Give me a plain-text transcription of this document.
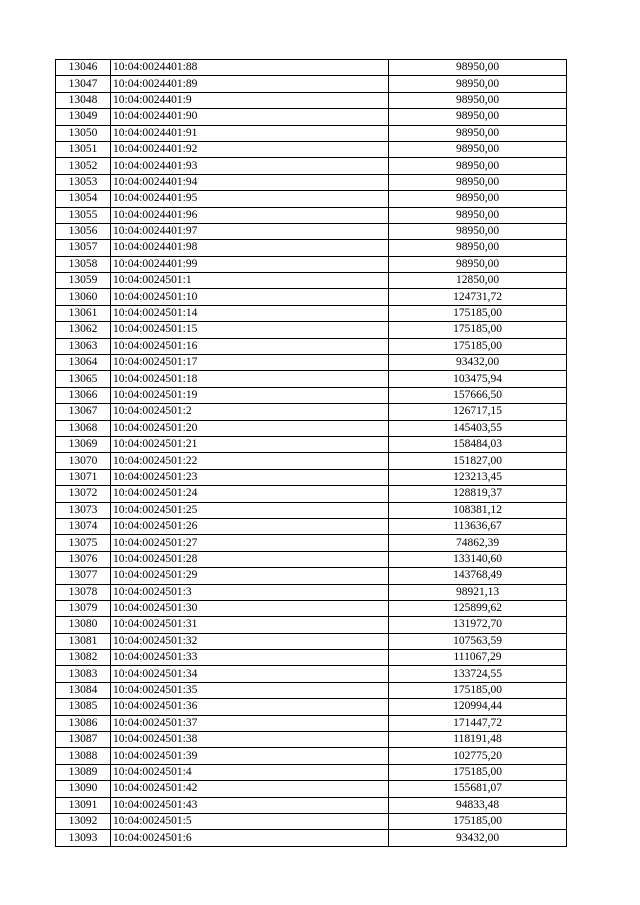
13046	10:04:0024401:88	98950,00
13047	10:04:0024401:89	98950,00
13048	10:04:0024401:9	98950,00
13049	10:04:0024401:90	98950,00
13050	10:04:0024401:91	98950,00
13051	10:04:0024401:92	98950,00
13052	10:04:0024401:93	98950,00
13053	10:04:0024401:94	98950,00
13054	10:04:0024401:95	98950,00
13055	10:04:0024401:96	98950,00
13056	10:04:0024401:97	98950,00
13057	10:04:0024401:98	98950,00
13058	10:04:0024401:99	98950,00
13059	10:04:0024501:1	12850,00
13060	10:04:0024501:10	124731,72
13061	10:04:0024501:14	175185,00
13062	10:04:0024501:15	175185,00
13063	10:04:0024501:16	175185,00
13064	10:04:0024501:17	93432,00
13065	10:04:0024501:18	103475,94
13066	10:04:0024501:19	157666,50
13067	10:04:0024501:2	126717,15
13068	10:04:0024501:20	145403,55
13069	10:04:0024501:21	158484,03
13070	10:04:0024501:22	151827,00
13071	10:04:0024501:23	123213,45
13072	10:04:0024501:24	128819,37
13073	10:04:0024501:25	108381,12
13074	10:04:0024501:26	113636,67
13075	10:04:0024501:27	74862,39
13076	10:04:0024501:28	133140,60
13077	10:04:0024501:29	143768,49
13078	10:04:0024501:3	98921,13
13079	10:04:0024501:30	125899,62
13080	10:04:0024501:31	131972,70
13081	10:04:0024501:32	107563,59
13082	10:04:0024501:33	111067,29
13083	10:04:0024501:34	133724,55
13084	10:04:0024501:35	175185,00
13085	10:04:0024501:36	120994,44
13086	10:04:0024501:37	171447,72
13087	10:04:0024501:38	118191,48
13088	10:04:0024501:39	102775,20
13089	10:04:0024501:4	175185,00
13090	10:04:0024501:42	155681,07
13091	10:04:0024501:43	94833,48
13092	10:04:0024501:5	175185,00
13093	10:04:0024501:6	93432,00
